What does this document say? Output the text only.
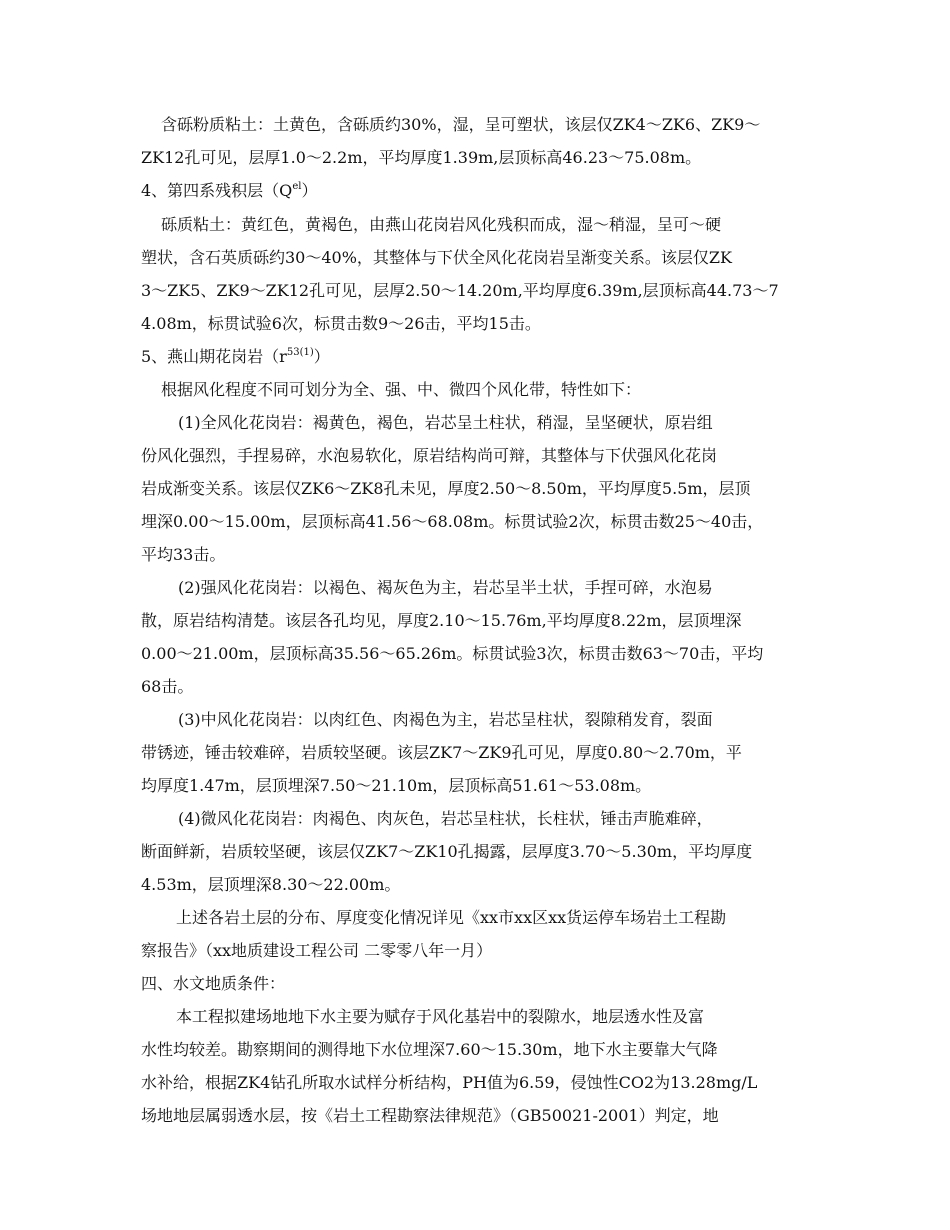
含砾粉质粘土：土黄色，含砾质约30%，湿，呈可塑状，该层仅ZK4～ZK6、ZK9～
ZK12孔可见，层厚1.0～2.2m，平均厚度1.39m,层顶标高46.23～75.08m。
4、第四系残积层$(Q^{el})$
砾质粘土：黄红色，黄褐色，由燕山花岗岩风化残积而成，湿～稍湿，呈可～硬
塑状，含石英质砾约30～40%，其整体与下伏全风化花岗岩呈渐变关系。该层仅ZK
3～ZK5、ZK9～ZK12孔可见，层厚2.50～14.20m,平均厚度6.39m,层顶标高44.73～7
4.08m，标贯试验6次，标贯击数9～26击，平均15击。
5、燕山期花岗岩$(r^{53(1)})$
根据风化程度不同可划分为全、强、中、微四个风化带，特性如下：
(1)全风化花岗岩：褐黄色，褐色，岩芯呈土柱状，稍湿，呈坚硬状，原岩组
份风化强烈，手捏易碎，水泡易软化，原岩结构尚可辩，其整体与下伏强风化花岗
岩成渐变关系。该层仅ZK6～ZK8孔未见，厚度2.50～8.50m，平均厚度5.5m，层顶
埋深0.00～15.00m，层顶标高41.56～68.08m。标贯试验2次，标贯击数25～40击，
平均33击。
(2)强风化花岗岩：以褐色、褐灰色为主，岩芯呈半土状，手捏可碎，水泡易
散，原岩结构清楚。该层各孔均见，厚度2.10～15.76m,平均厚度8.22m，层顶埋深
0.00～21.00m，层顶标高35.56～65.26m。标贯试验3次，标贯击数63～70击，平均
68击。
(3)中风化花岗岩：以肉红色、肉褐色为主，岩芯呈柱状，裂隙稍发育，裂面
带锈迹，锤击较难碎，岩质较坚硬。该层ZK7～ZK9孔可见，厚度0.80～2.70m，平
均厚度1.47m，层顶埋深7.50～21.10m，层顶标高51.61～53.08m。
(4)微风化花岗岩：肉褐色、肉灰色，岩芯呈柱状，长柱状，锤击声脆难碎，
断面鲜新，岩质较坚硬，该层仅ZK7～ZK10孔揭露，层厚度3.70～5.30m，平均厚度
4.53m，层顶埋深8.30～22.00m。
上述各岩土层的分布、厚度变化情况详见《xx市xx区xx货运停车场岩土工程勘
察报告》（xx地质建设工程公司 二零零八年一月）
四、水文地质条件：
本工程拟建场地地下水主要为赋存于风化基岩中的裂隙水，地层透水性及富
水性均较差。勘察期间的测得地下水位埋深7.60～15.30m，地下水主要靠大气降
水补给，根据ZK4钻孔所取水试样分析结构，PH值为6.59，侵蚀性CO2为13.28mg/L
场地地层属弱透水层，按《岩土工程勘察法律规范》（GB50021-2001）判定，地
